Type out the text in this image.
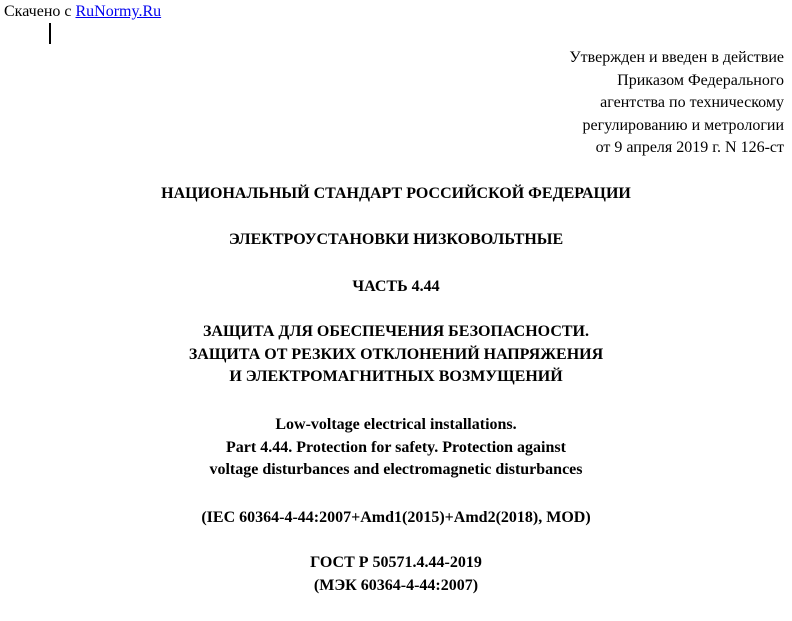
Скачено с RuNormy.Ru
Утвержден и введен в действие
Приказом Федерального
агентства по техническому
регулированию и метрологии
от 9 апреля 2019 г. N 126-ст
НАЦИОНАЛЬНЫЙ СТАНДАРТ РОССИЙСКОЙ ФЕДЕРАЦИИ
ЭЛЕКТРОУСТАНОВКИ НИЗКОВОЛЬТНЫЕ
ЧАСТЬ 4.44
ЗАЩИТА ДЛЯ ОБЕСПЕЧЕНИЯ БЕЗОПАСНОСТИ.
ЗАЩИТА ОТ РЕЗКИХ ОТКЛОНЕНИЙ НАПРЯЖЕНИЯ
И ЭЛЕКТРОМАГНИТНЫХ ВОЗМУЩЕНИЙ
Low-voltage electrical installations.
Part 4.44. Protection for safety. Protection against
voltage disturbances and electromagnetic disturbances
(IEC 60364-4-44:2007+Amd1(2015)+Amd2(2018), MOD)
ГОСТ Р 50571.4.44-2019
(МЭК 60364-4-44:2007)
